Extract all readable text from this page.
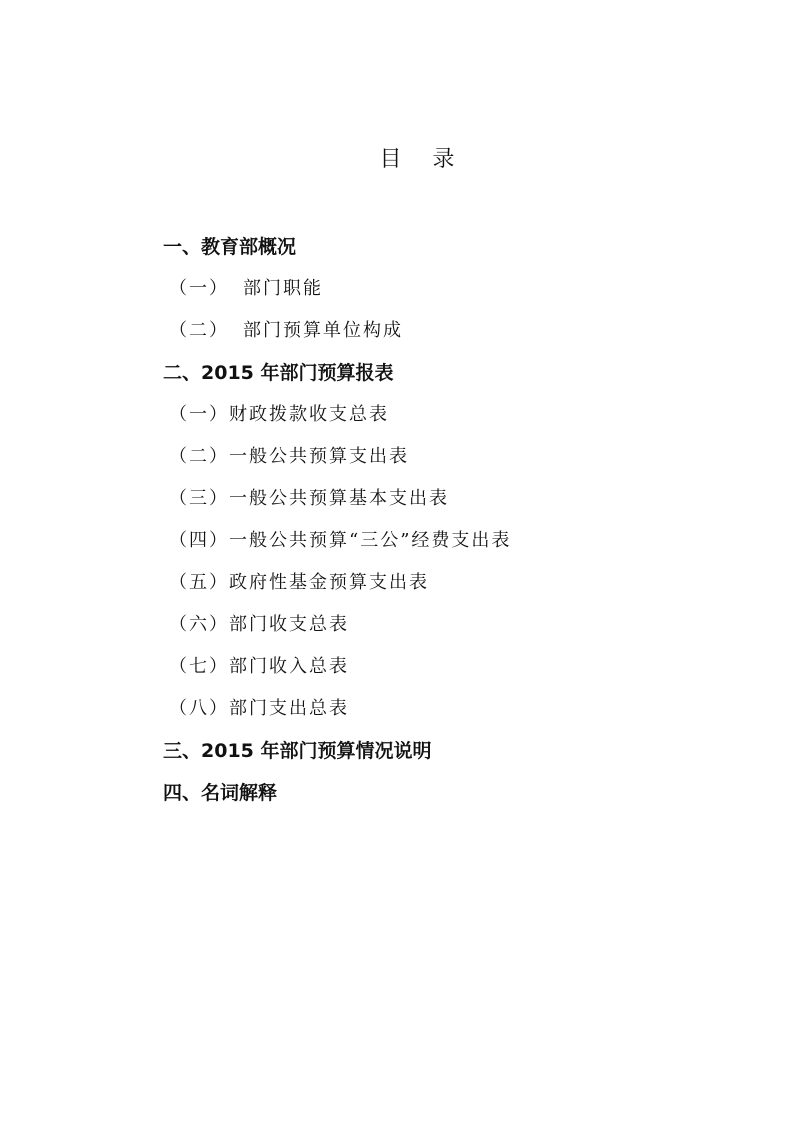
目 录
一、教育部概况
（一） 部门职能
（二） 部门预算单位构成
二、2015 年部门预算报表
（一）财政拨款收支总表
（二）一般公共预算支出表
（三）一般公共预算基本支出表
（四）一般公共预算“三公”经费支出表
（五）政府性基金预算支出表
（六）部门收支总表
（七）部门收入总表
（八）部门支出总表
三、2015 年部门预算情况说明
四、名词解释
